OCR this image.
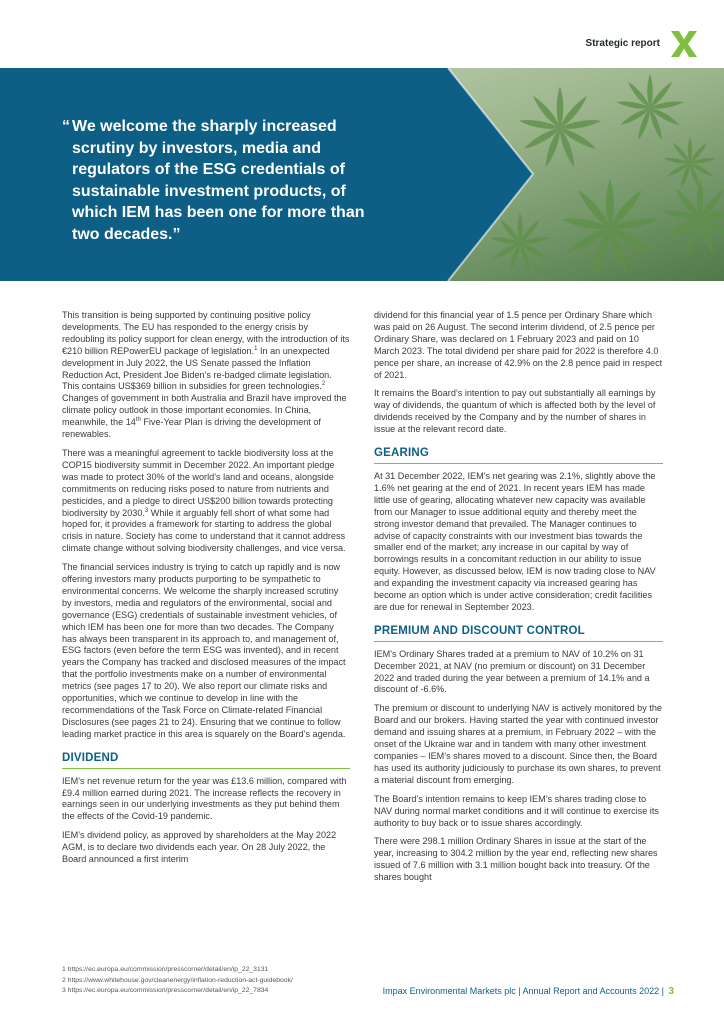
Strategic report
“ We welcome the sharply increased scrutiny by investors, media and regulators of the ESG credentials of sustainable investment products, of which IEM has been one for more than two decades.”

This transition is being supported by continuing positive policy developments. The EU has responded to the energy crisis by redoubling its policy support for clean energy, with the introduction of its €210 billion REPowerEU package of legislation.$^1$ In an unexpected development in July 2022, the US Senate passed the Inflation Reduction Act, President Joe Biden’s re-badged climate legislation. This contains US$369 billion in subsidies for green technologies.$^2$ Changes of government in both Australia and Brazil have improved the climate policy outlook in those important economies. In China, meanwhile, the 14th Five-Year Plan is driving the development of renewables.

There was a meaningful agreement to tackle biodiversity loss at the COP15 biodiversity summit in December 2022. An important pledge was made to protect 30% of the world’s land and oceans, alongside commitments on reducing risks posed to nature from nutrients and pesticides, and a pledge to direct US$200 billion towards protecting biodiversity by 2030.$^3$ While it arguably fell short of what some had hoped for, it provides a framework for starting to address the global crisis in nature. Society has come to understand that it cannot address climate change without solving biodiversity challenges, and vice versa.

The financial services industry is trying to catch up rapidly and is now offering investors many products purporting to be sympathetic to environmental concerns. We welcome the sharply increased scrutiny by investors, media and regulators of the environmental, social and governance (ESG) credentials of sustainable investment vehicles, of which IEM has been one for more than two decades. The Company has always been transparent in its approach to, and management of, ESG factors (even before the term ESG was invented), and in recent years the Company has tracked and disclosed measures of the impact that the portfolio investments make on a number of environmental metrics (see pages 17 to 20). We also report our climate risks and opportunities, which we continue to develop in line with the recommendations of the Task Force on Climate-related Financial Disclosures (see pages 21 to 24). Ensuring that we continue to follow leading market practice in this area is squarely on the Board’s agenda.

DIVIDEND

IEM’s net revenue return for the year was £13.6 million, compared with £9.4 million earned during 2021. The increase reflects the recovery in earnings seen in our underlying investments as they put behind them the effects of the Covid-19 pandemic.

IEM’s dividend policy, as approved by shareholders at the May 2022 AGM, is to declare two dividends each year. On 28 July 2022, the Board announced a first interim

dividend for this financial year of 1.5 pence per Ordinary Share which was paid on 26 August. The second interim dividend, of 2.5 pence per Ordinary Share, was declared on 1 February 2023 and paid on 10 March 2023. The total dividend per share paid for 2022 is therefore 4.0 pence per share, an increase of 42.9% on the 2.8 pence paid in respect of 2021.

It remains the Board’s intention to pay out substantially all earnings by way of dividends, the quantum of which is affected both by the level of dividends received by the Company and by the number of shares in issue at the relevant record date.

GEARING

At 31 December 2022, IEM’s net gearing was 2.1%, slightly above the 1.6% net gearing at the end of 2021. In recent years IEM has made little use of gearing, allocating whatever new capacity was available from our Manager to issue additional equity and thereby meet the strong investor demand that prevailed. The Manager continues to advise of capacity constraints with our investment bias towards the smaller end of the market; any increase in our capital by way of borrowings results in a concomitant reduction in our ability to issue equity. However, as discussed below, IEM is now trading close to NAV and expanding the investment capacity via increased gearing has become an option which is under active consideration; credit facilities are due for renewal in September 2023.

PREMIUM AND DISCOUNT CONTROL

IEM’s Ordinary Shares traded at a premium to NAV of 10.2% on 31 December 2021, at NAV (no premium or discount) on 31 December 2022 and traded during the year between a premium of 14.1% and a discount of -6.6%.

The premium or discount to underlying NAV is actively monitored by the Board and our brokers. Having started the year with continued investor demand and issuing shares at a premium, in February 2022 – with the onset of the Ukraine war and in tandem with many other investment companies – IEM’s shares moved to a discount. Since then, the Board has used its authority judiciously to purchase its own shares, to prevent a material discount from emerging.

The Board’s intention remains to keep IEM’s shares trading close to NAV during normal market conditions and it will continue to exercise its authority to buy back or to issue shares accordingly.

There were 298.1 million Ordinary Shares in issue at the start of the year, increasing to 304.2 million by the year end, reflecting new shares issued of 7.6 million with 3.1 million bought back into treasury. Of the shares bought

1 https://ec.europa.eu/commission/presscorner/detail/en/ip_22_3131
2 https://www.whitehouse.gov/cleanenergy/inflation-reduction-act-guidebook/
3 https://ec.europa.eu/commission/presscorner/detail/en/ip_22_7834	Impax Environmental Markets plc | Annual Report and Accounts 2022 | 3
